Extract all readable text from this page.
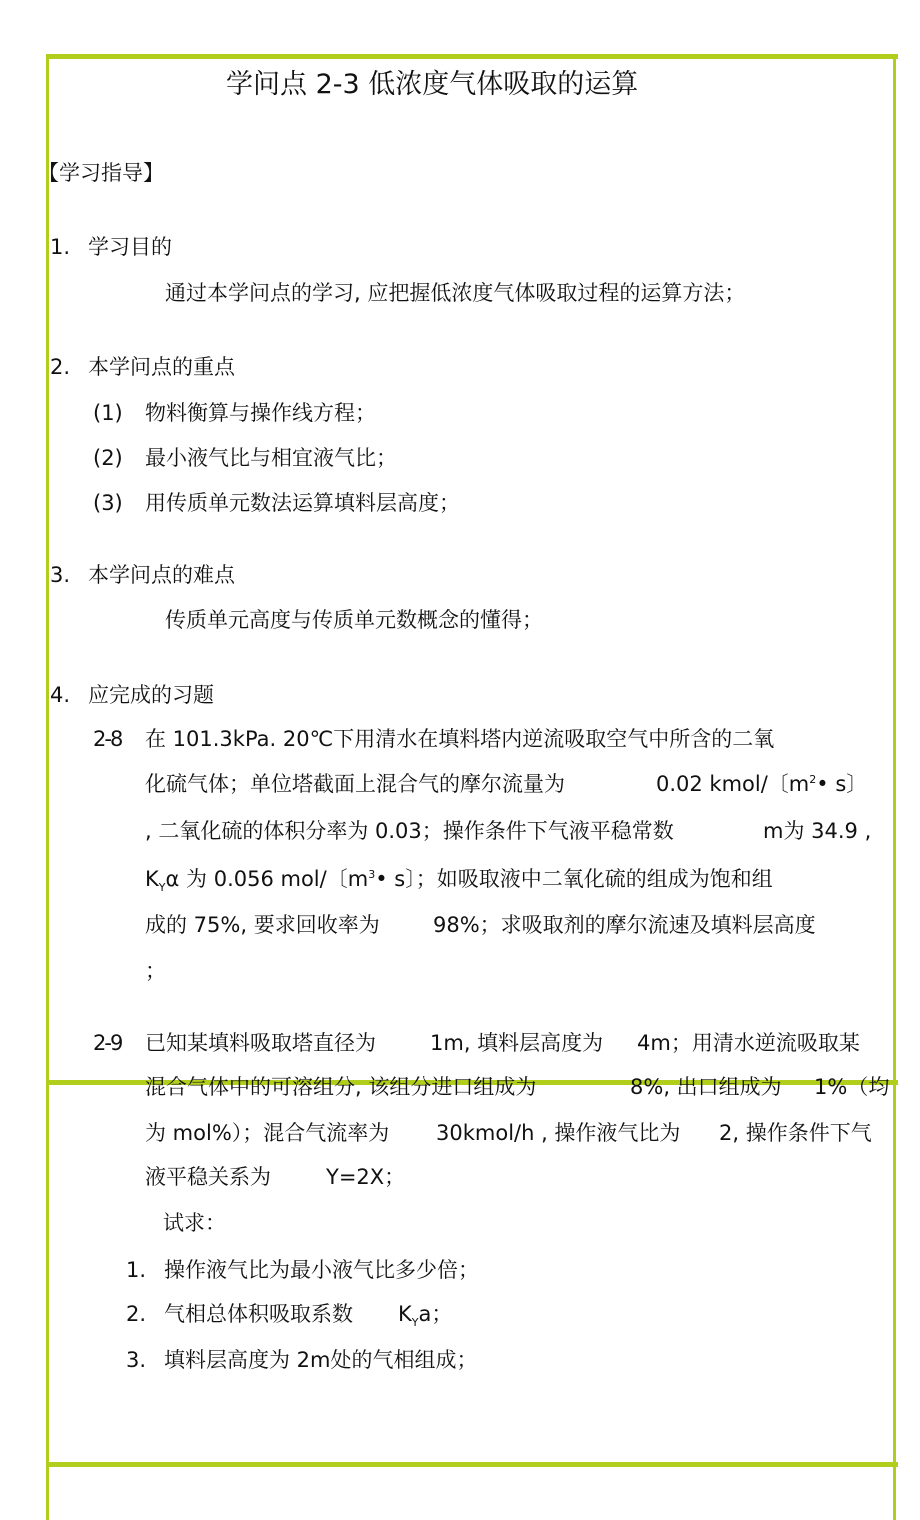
学问点 2-3 低浓度气体吸取的运算
【学习指导】
1. 学习目的
通过本学问点的学习, 应把握低浓度气体吸取过程的运算方法；
2. 本学问点的重点
(1) 物料衡算与操作线方程；
(2) 最小液气比与相宜液气比；
(3) 用传质单元数法运算填料层高度；
3. 本学问点的难点
传质单元高度与传质单元数概念的懂得；
4. 应完成的习题
2-8 在 101.3kPa. 20℃下用清水在填料塔内逆流吸取空气中所含的二氧
化硫气体；单位塔截面上混合气的摩尔流量为	0.02 kmol/〔$m^2•$ s〕
, 二氧化硫的体积分率为 0.03；操作条件下气液平稳常数	m为 34.9 ,
$K_Y\alpha$ 为 0.056 mol/〔$m^3•$ s〕；如吸取液中二氧化硫的组成为饱和组
成的 75%, 要求回收率为	98%；求吸取剂的摩尔流速及填料层高度
；
2-9 已知某填料吸取塔直径为	1m, 填料层高度为 4m；用清水逆流吸取某
混合气体中的可溶组分, 该组分进口组成为	8%, 出口组成为 1%（均
为 mol%）；混合气流率为 30kmol/h , 操作液气比为 2, 操作条件下气
液平稳关系为	Y=2X；
试求：
1. 操作液气比为最小液气比多少倍；
2. 气相总体积吸取系数 $K_Ya$；
3. 填料层高度为 2m处的气相组成；
